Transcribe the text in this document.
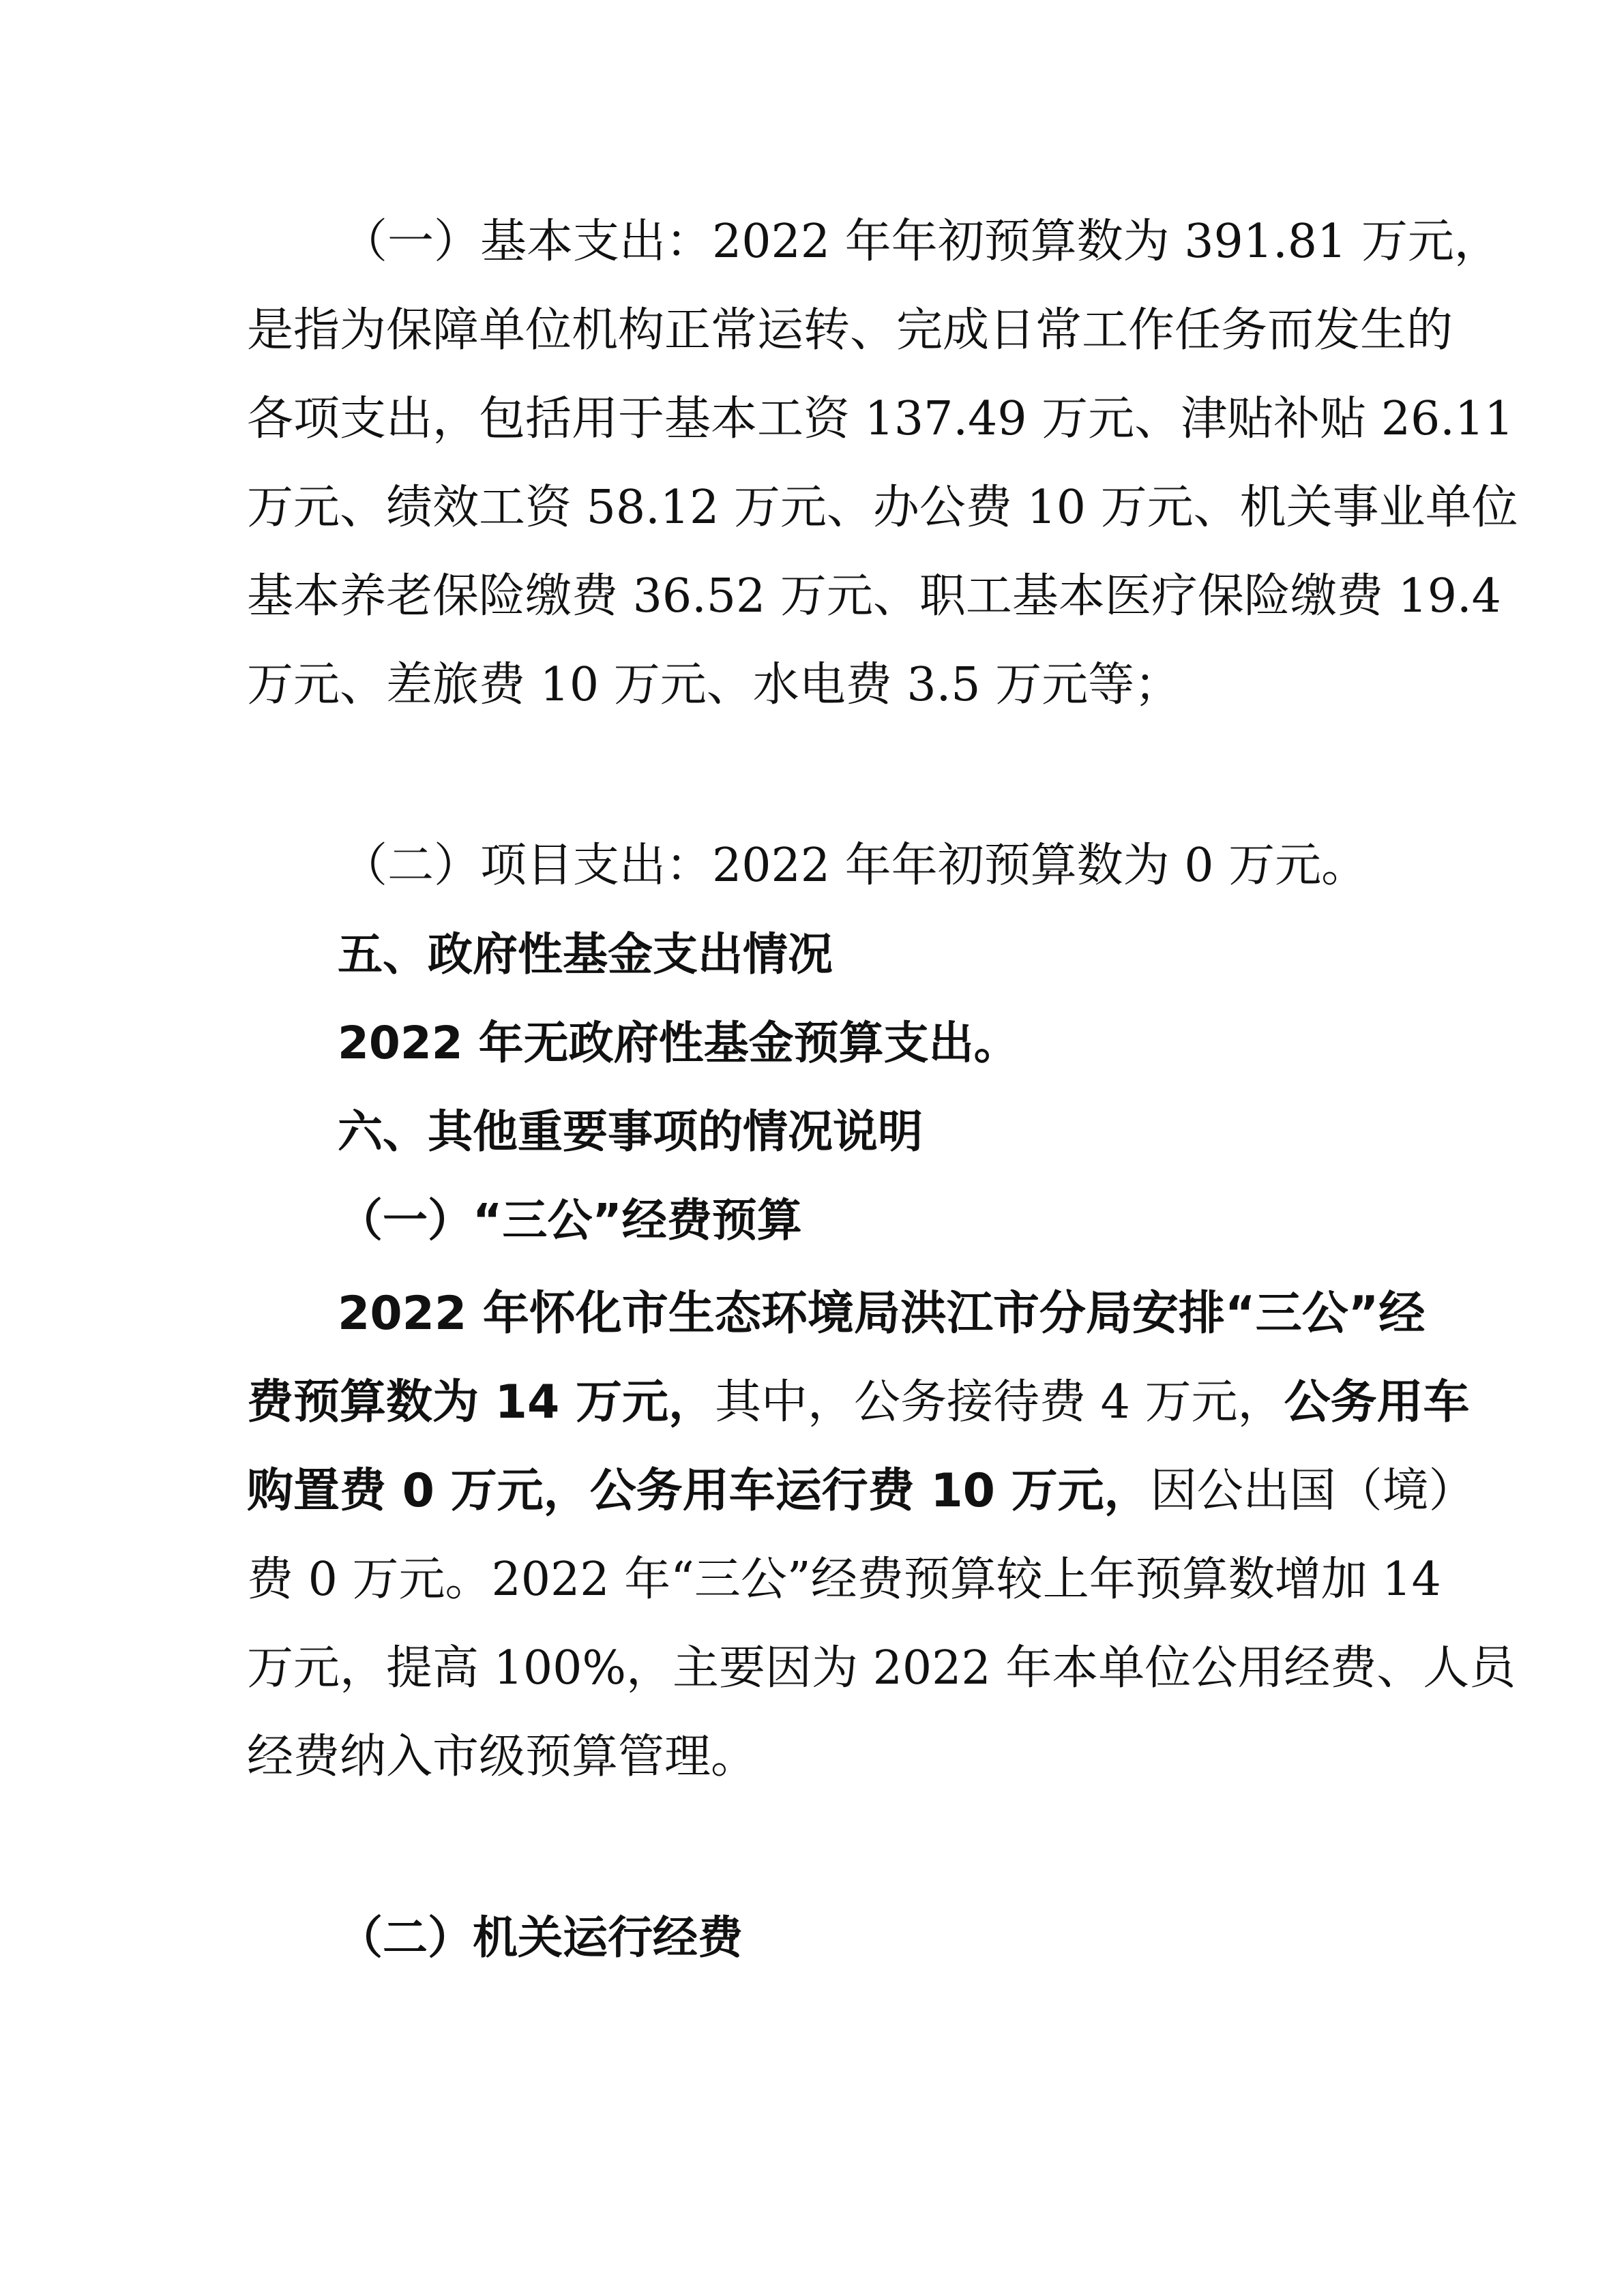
（一）基本支出：2022 年年初预算数为 391.81 万元，
是指为保障单位机构正常运转、完成日常工作任务而发生的
各项支出，包括用于基本工资 137.49 万元、津贴补贴 26.11
万元、绩效工资 58.12 万元、办公费 10 万元、机关事业单位
基本养老保险缴费 36.52 万元、职工基本医疗保险缴费 19.4
万元、差旅费 10 万元、水电费 3.5 万元等；
（二）项目支出：2022 年年初预算数为 0 万元。
五、政府性基金支出情况
2022 年无政府性基金预算支出。
六、其他重要事项的情况说明
（一）“三公”经费预算
2022 年怀化市生态环境局洪江市分局安排“三公”经
费预算数为 14 万元，其中，公务接待费 4 万元，公务用车
购置费 0 万元，公务用车运行费 10 万元，因公出国（境）
费 0 万元。2022 年“三公”经费预算较上年预算数增加 14
万元，提高 100%，主要因为 2022 年本单位公用经费、人员
经费纳入市级预算管理。
（二）机关运行经费
